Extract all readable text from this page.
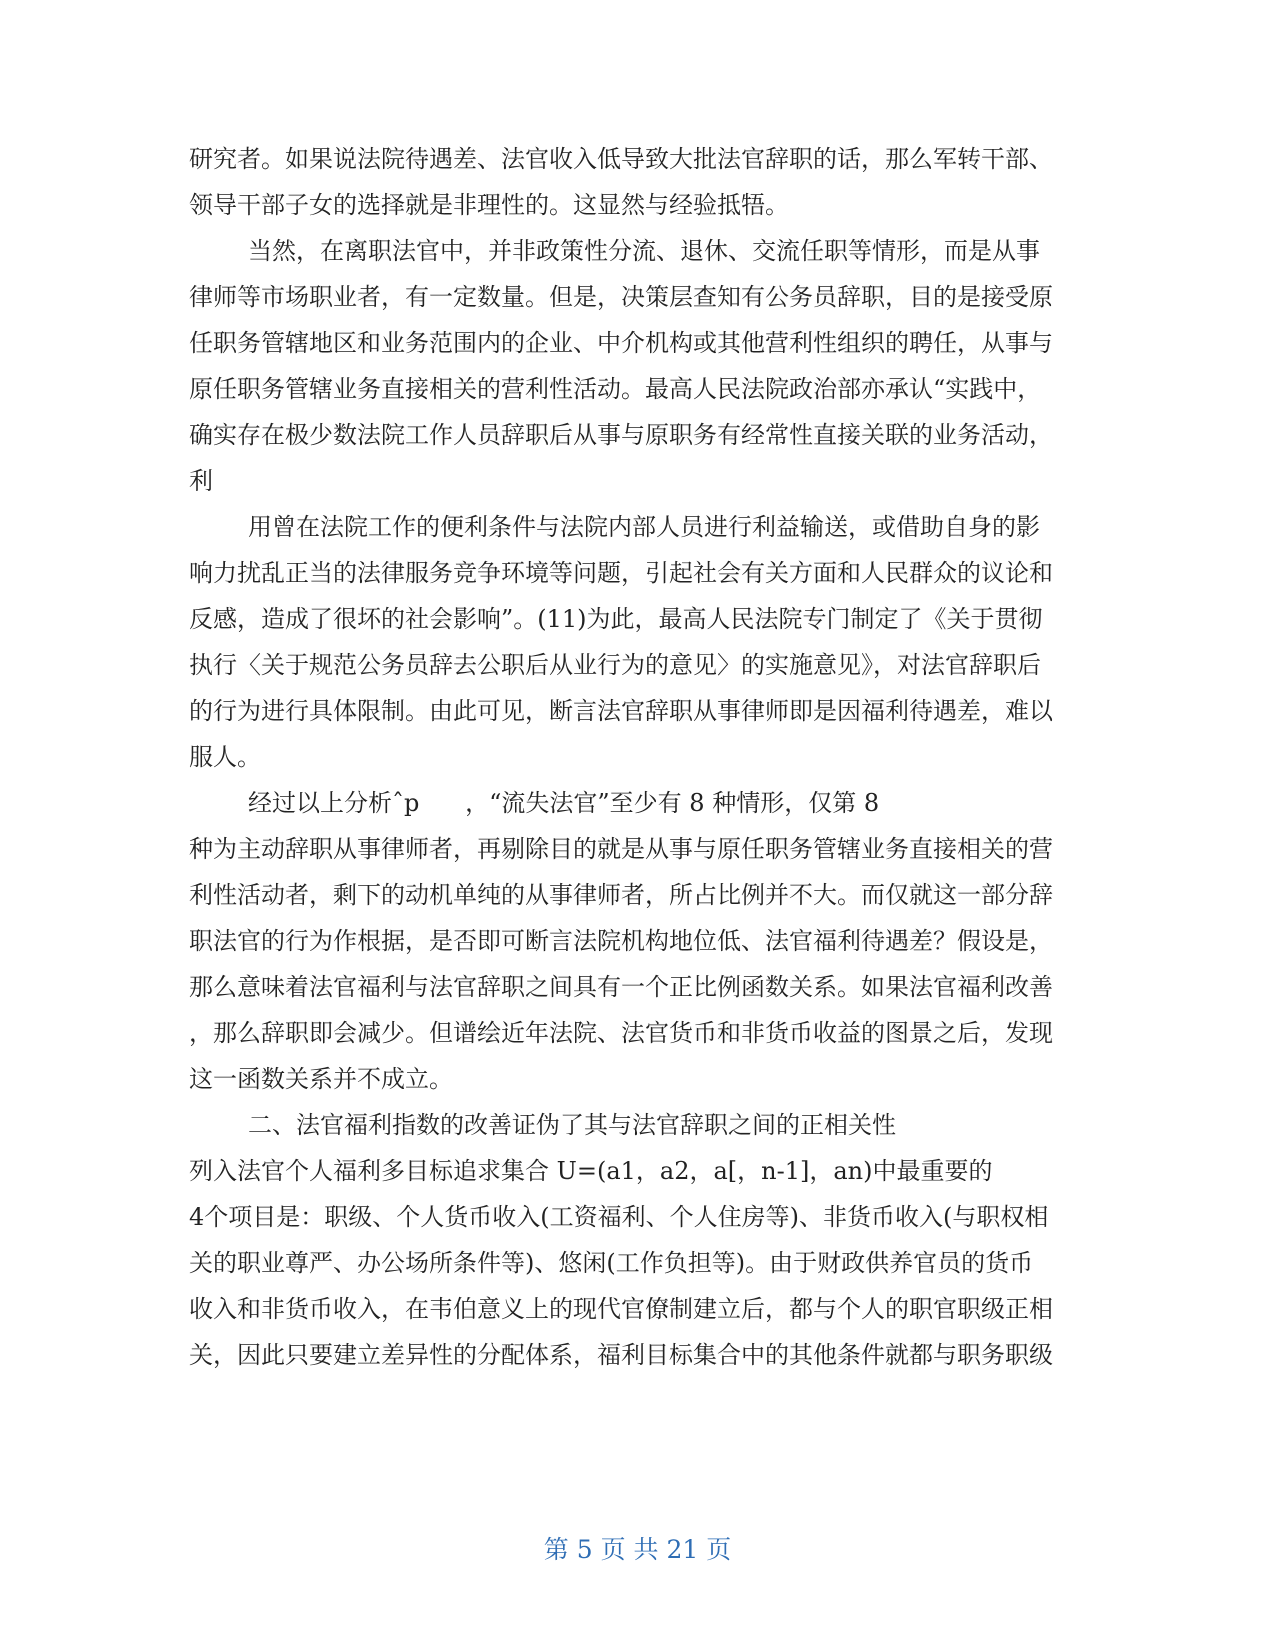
研究者。如果说法院待遇差、法官收入低导致大批法官辞职的话，那么军转干部、

领导干部子女的选择就是非理性的。这显然与经验抵牾。

当然，在离职法官中，并非政策性分流、退休、交流任职等情形，而是从事

律师等市场职业者，有一定数量。但是，决策层查知有公务员辞职，目的是接受原

任职务管辖地区和业务范围内的企业、中介机构或其他营利性组织的聘任，从事与

原任职务管辖业务直接相关的营利性活动。最高人民法院政治部亦承认“实践中，

确实存在极少数法院工作人员辞职后从事与原职务有经常性直接关联的业务活动，

利

用曾在法院工作的便利条件与法院内部人员进行利益输送，或借助自身的影

响力扰乱正当的法律服务竞争环境等问题，引起社会有关方面和人民群众的议论和

反感，造成了很坏的社会影响”。(11)为此，最高人民法院专门制定了《关于贯彻

执行〈关于规范公务员辞去公职后从业行为的意见〉的实施意见》，对法官辞职后

的行为进行具体限制。由此可见，断言法官辞职从事律师即是因福利待遇差，难以

服人。

经过以上分析ˆp      ，“流失法官”至少有 8 种情形，仅第 8

种为主动辞职从事律师者，再剔除目的就是从事与原任职务管辖业务直接相关的营

利性活动者，剩下的动机单纯的从事律师者，所占比例并不大。而仅就这一部分辞

职法官的行为作根据，是否即可断言法院机构地位低、法官福利待遇差？假设是，

那么意味着法官福利与法官辞职之间具有一个正比例函数关系。如果法官福利改善

，那么辞职即会减少。但谱绘近年法院、法官货币和非货币收益的图景之后，发现

这一函数关系并不成立。

二、法官福利指数的改善证伪了其与法官辞职之间的正相关性

列入法官个人福利多目标追求集合 U=(a1，a2，a[，n-1]，an)中最重要的

4个项目是：职级、个人货币收入(工资福利、个人住房等)、非货币收入(与职权相

关的职业尊严、办公场所条件等)、悠闲(工作负担等)。由于财政供养官员的货币

收入和非货币收入，在韦伯意义上的现代官僚制建立后，都与个人的职官职级正相

关，因此只要建立差异性的分配体系，福利目标集合中的其他条件就都与职务职级

第 5 页 共 21 页
